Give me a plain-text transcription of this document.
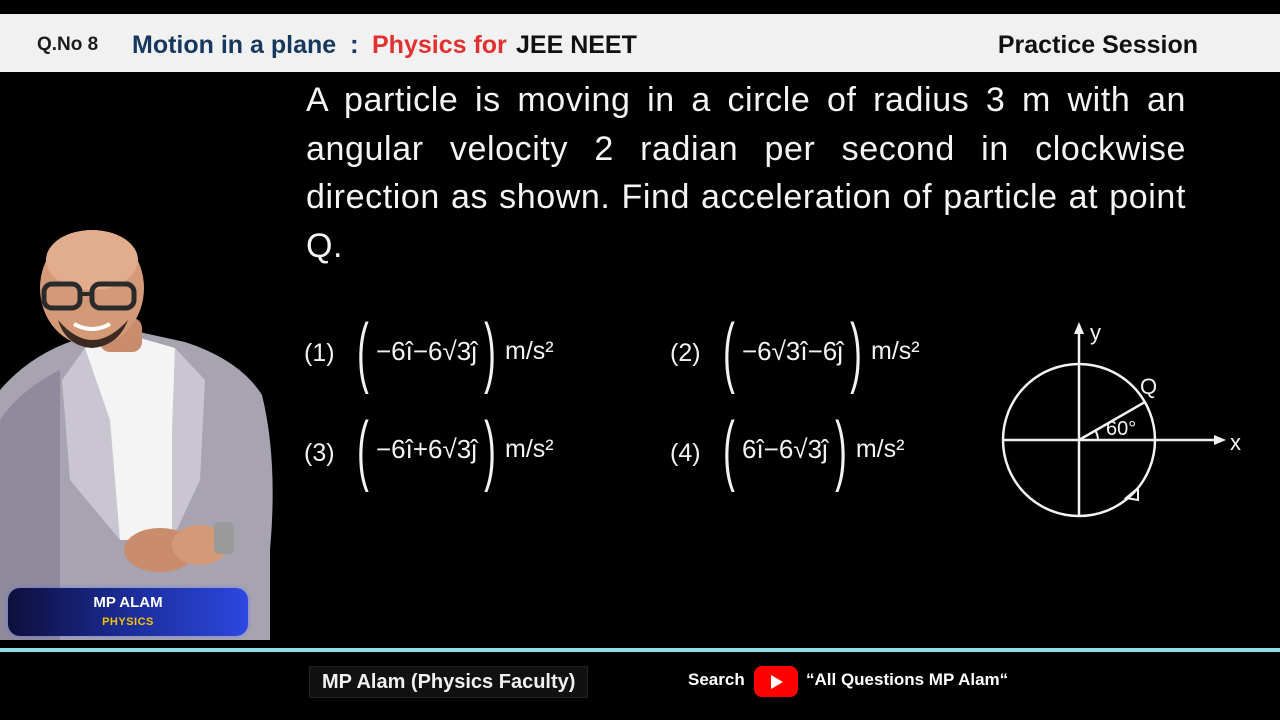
Q.No 8 Motion in a plane : Physics for JEE NEET	Practice Session
A particle is moving in a circle of radius 3 m with an angular velocity 2 radian per second in clockwise direction as shown. Find acceleration of particle at point Q.
(1) ( −6î−6√3ĵ) m/s²	(2) ( −6√3î−6ĵ) m/s²
(3) ( −6î+6√3ĵ) m/s²	(4) ( 6î−6√3ĵ) m/s²
y
x
Q
60°
MP ALAM
PHYSICS
MP Alam (Physics Faculty)	Search	“All Questions MP Alam“
